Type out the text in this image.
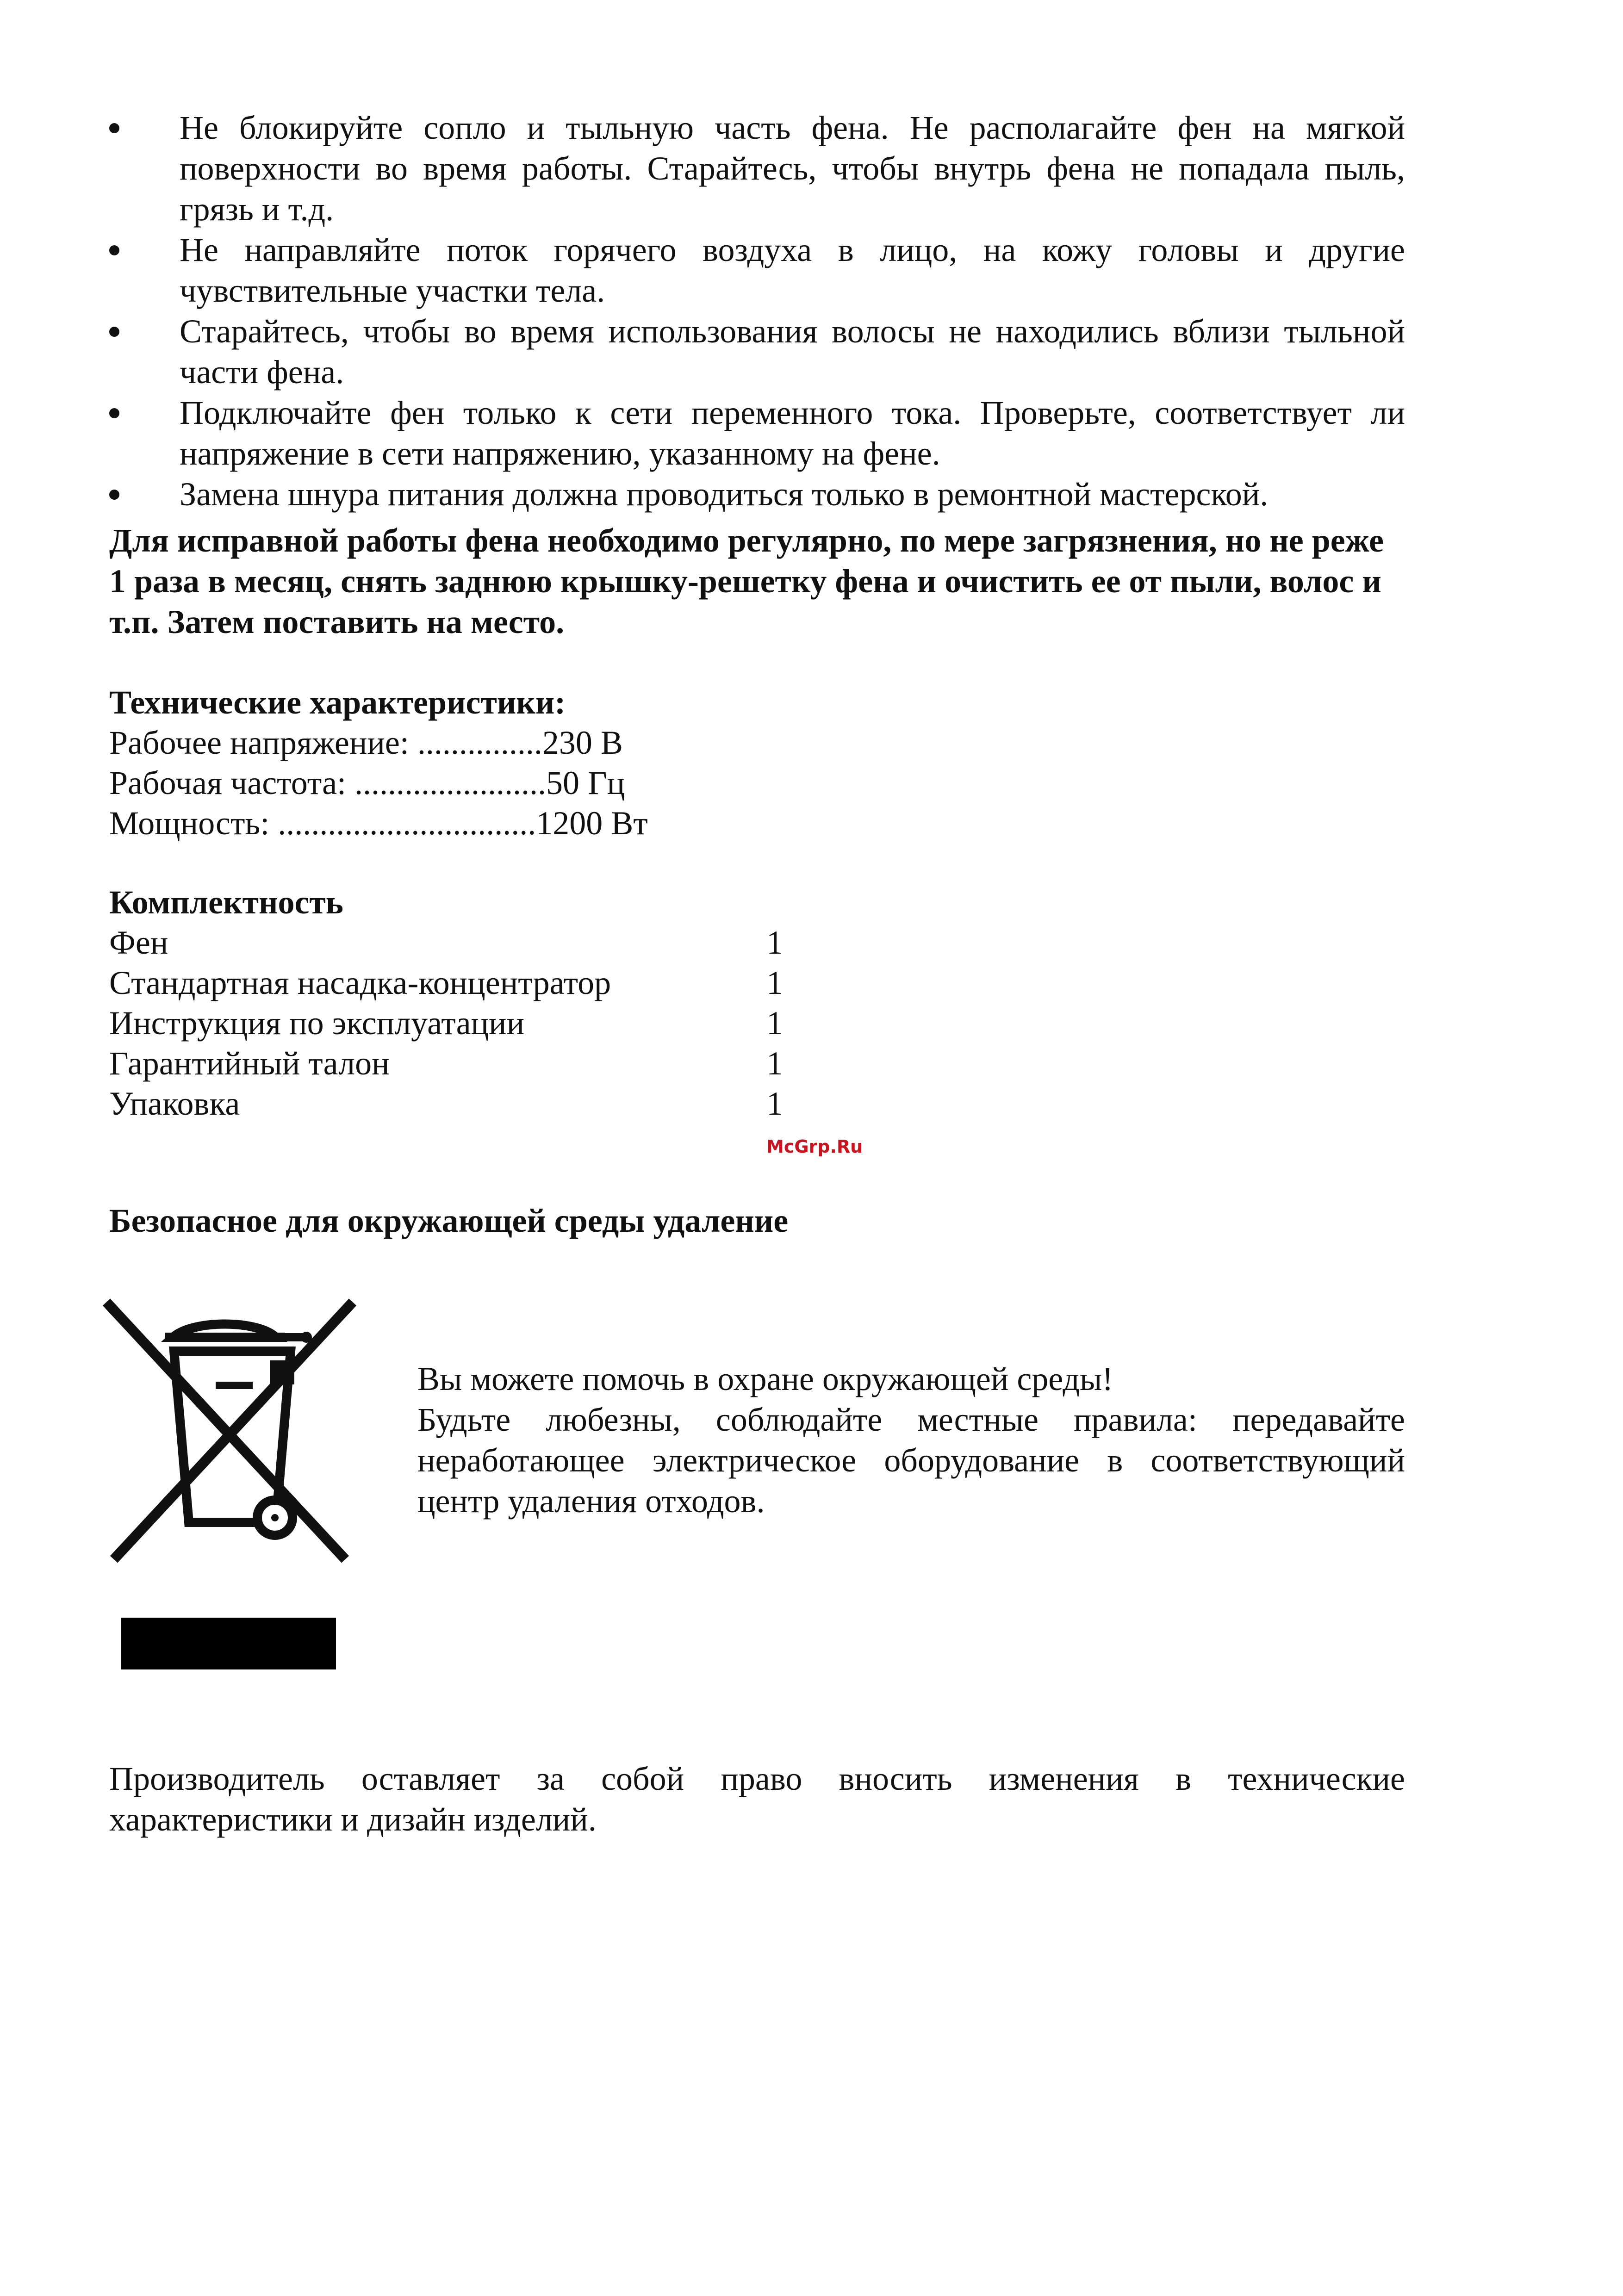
Не блокируйте сопло и тыльную часть фена. Не располагайте фен на мягкой поверхности во время работы. Старайтесь, чтобы внутрь фена не попадала пыль, грязь и т.д.
Не направляйте поток горячего воздуха в лицо, на кожу головы и другие чувствительные участки тела.
Старайтесь, чтобы во время использования волосы не находились вблизи тыльной части фена.
Подключайте фен только к сети переменного тока. Проверьте, соответствует ли напряжение в сети напряжению, указанному на фене.
Замена шнура питания должна проводиться только в ремонтной мастерской.

Для исправной работы фена необходимо регулярно, по мере загрязнения, но не реже 1 раза в месяц, снять заднюю крышку-решетку фена и очистить ее от пыли, волос и т.п. Затем поставить на место.

Технические характеристики:

Рабочее напряжение: ...............230 В

Рабочая частота: .......................50 Гц

Мощность: ...............................1200 Вт

Комплектность

Фен	1
Стандартная насадка-концентратор	1
Инструкция по эксплуатации	1
Гарантийный талон	1
Упаковка	1
McGrp.Ru

Безопасное для окружающей среды удаление

Вы можете помочь в охране окружающей среды!

Будьте любезны, соблюдайте местные правила: передавайте неработающее электрическое оборудование в соответствующий центр удаления отходов.

Производитель оставляет за собой право вносить изменения в технические характеристики и дизайн изделий.
